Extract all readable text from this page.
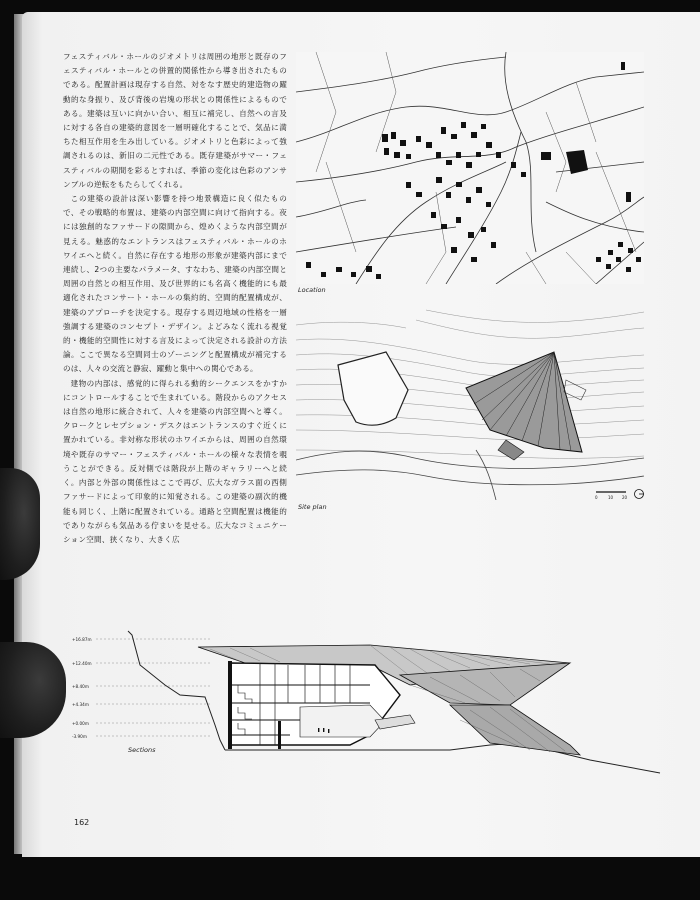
フェスティバル・ホールのジオメトリは周囲の地形と既存のフェスティバル・ホールとの併置的関係性から導き出されたものである。配置計画は現存する自然、対をなす歴史的建造物の躍動的な身振り、及び背後の岩塊の形状との関係性によるものである。建築は互いに向かい合い、相互に補完し、自然への言及に対する各自の建築的意図を一層明確化することで、気品に満ちた相互作用を生み出している。ジオメトリと色彩によって強調されるのは、新旧の二元性である。既存建築がサマー・フェスティバルの期間を彩るとすれば、季節の変化は色彩のアンサンブルの逆転をもたらしてくれる。

この建築の設計は深い影響を持つ地景構造に良く似たもので、その戦略的布置は、建築の内部空間に向けて指向する。夜には独創的なファサードの隙間から、煌めくような内部空間が見える。魅惑的なエントランスはフェスティバル・ホールのホワイエへと続く。自然に存在する地形の形象が建築内部にまで連続し、2つの主要なパラメータ、すなわち、建築の内部空間と周囲の自然との相互作用、及び世界的にも名高く機能的にも最適化されたコンサート・ホールの集約的、空間的配置構成が、建築のアプローチを決定する。現存する周辺地域の性格を一層強調する建築のコンセプト・デザイン。よどみなく流れる視覚的・機能的空間性に対する言及によって決定される設計の方法論。ここで異なる空間同士のゾーニングと配置構成が補完するのは、人々の交流と静寂、躍動と集中への関心である。

建物の内部は、感覚的に得られる動的シークエンスをかすかにコントロールすることで生まれている。階段からのアクセスは自然の地形に統合されて、人々を建築の内部空間へと導く。クロークとレセプション・デスクはエントランスのすぐ近くに置かれている。非対称な形状のホワイエからは、周囲の自然環境や既存のサマー・フェスティバル・ホールの様々な表情を覗うことができる。反対側では階段が上階のギャラリーへと続く。内部と外部の関係性はここで再び、広大なガラス面の西側ファサードによって印象的に知覚される。この建築の副次的機能も同じく、上階に配置されている。通路と空間配置は機能的でありながらも気品ある佇まいを見せる。広大なコミュニケーション空間、狭くなり、大きく広

Location
0	10 20
Site plan
+16.87m
+12.40m
+8.40m
+4.34m
+0.00m
-3.90m
Sections
162
